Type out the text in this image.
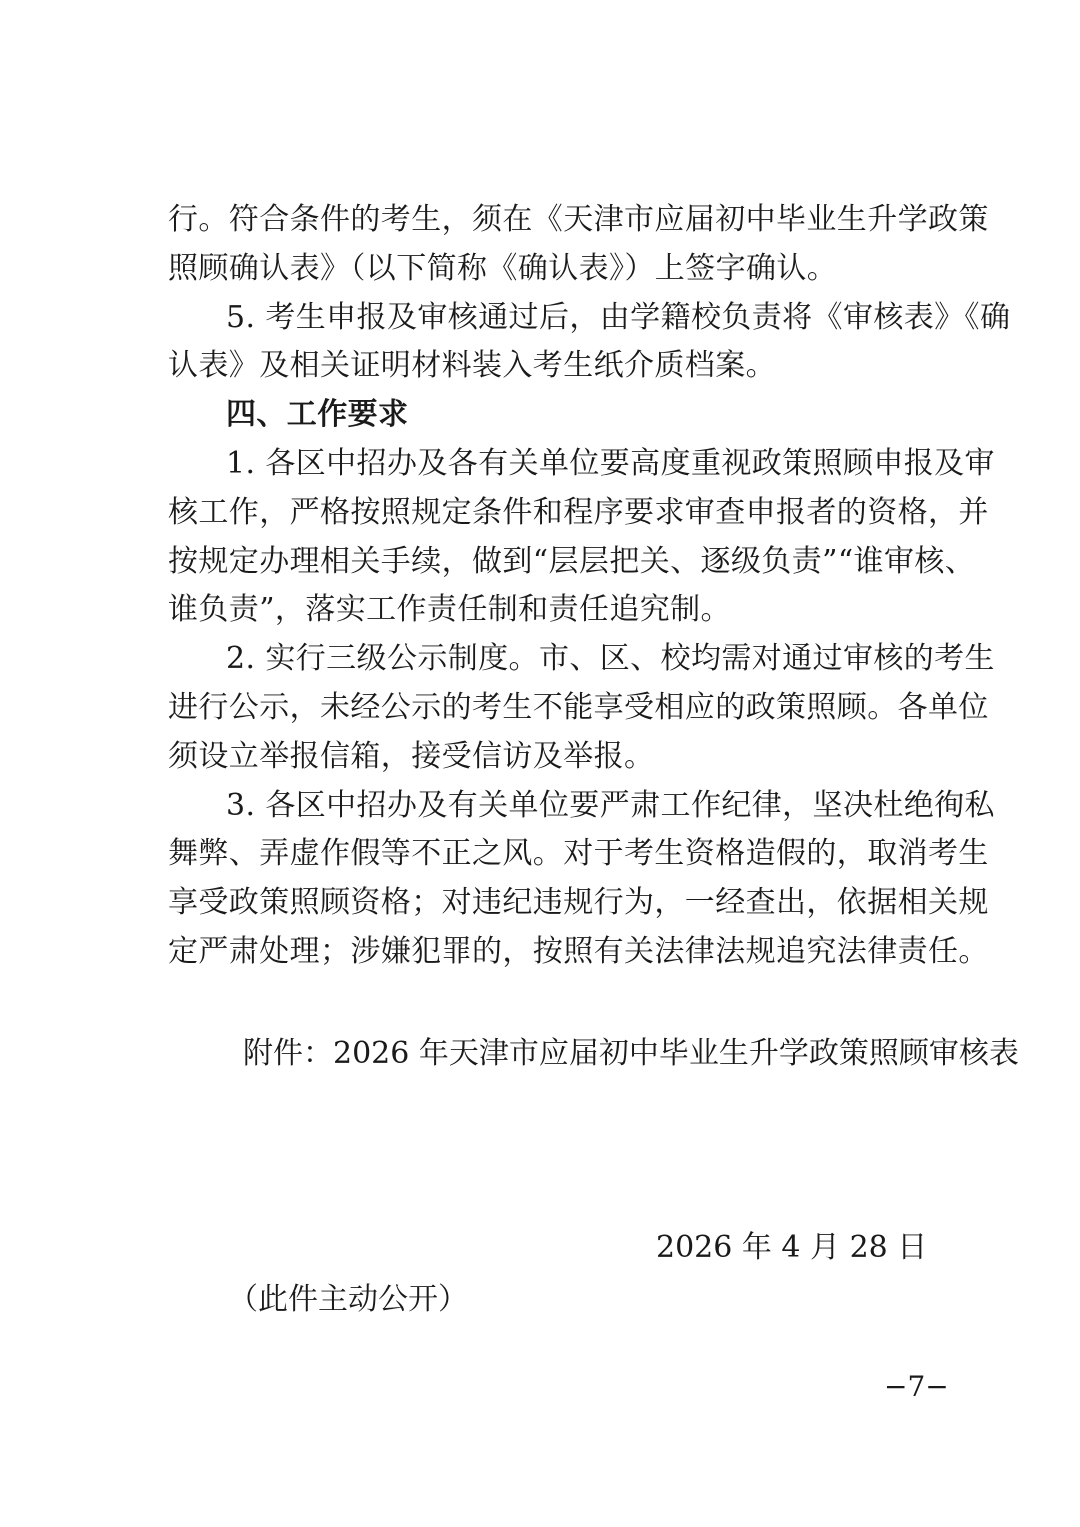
行。符合条件的考生，须在《天津市应届初中毕业生升学政策
照顾确认表》（以下简称《确认表》）上签字确认。
5. 考生申报及审核通过后，由学籍校负责将《审核表》《确
认表》及相关证明材料装入考生纸介质档案。
四、工作要求
1. 各区中招办及各有关单位要高度重视政策照顾申报及审
核工作，严格按照规定条件和程序要求审查申报者的资格，并
按规定办理相关手续，做到“层层把关、逐级负责”“谁审核、
谁负责”，落实工作责任制和责任追究制。
2. 实行三级公示制度。市、区、校均需对通过审核的考生
进行公示，未经公示的考生不能享受相应的政策照顾。各单位
须设立举报信箱，接受信访及举报。
3. 各区中招办及有关单位要严肃工作纪律，坚决杜绝徇私
舞弊、弄虚作假等不正之风。对于考生资格造假的，取消考生
享受政策照顾资格；对违纪违规行为，一经查出，依据相关规
定严肃处理；涉嫌犯罪的，按照有关法律法规追究法律责任。
附件：2026 年天津市应届初中毕业生升学政策照顾审核表
2026 年 4 月 28 日
（此件主动公开）
−7−
